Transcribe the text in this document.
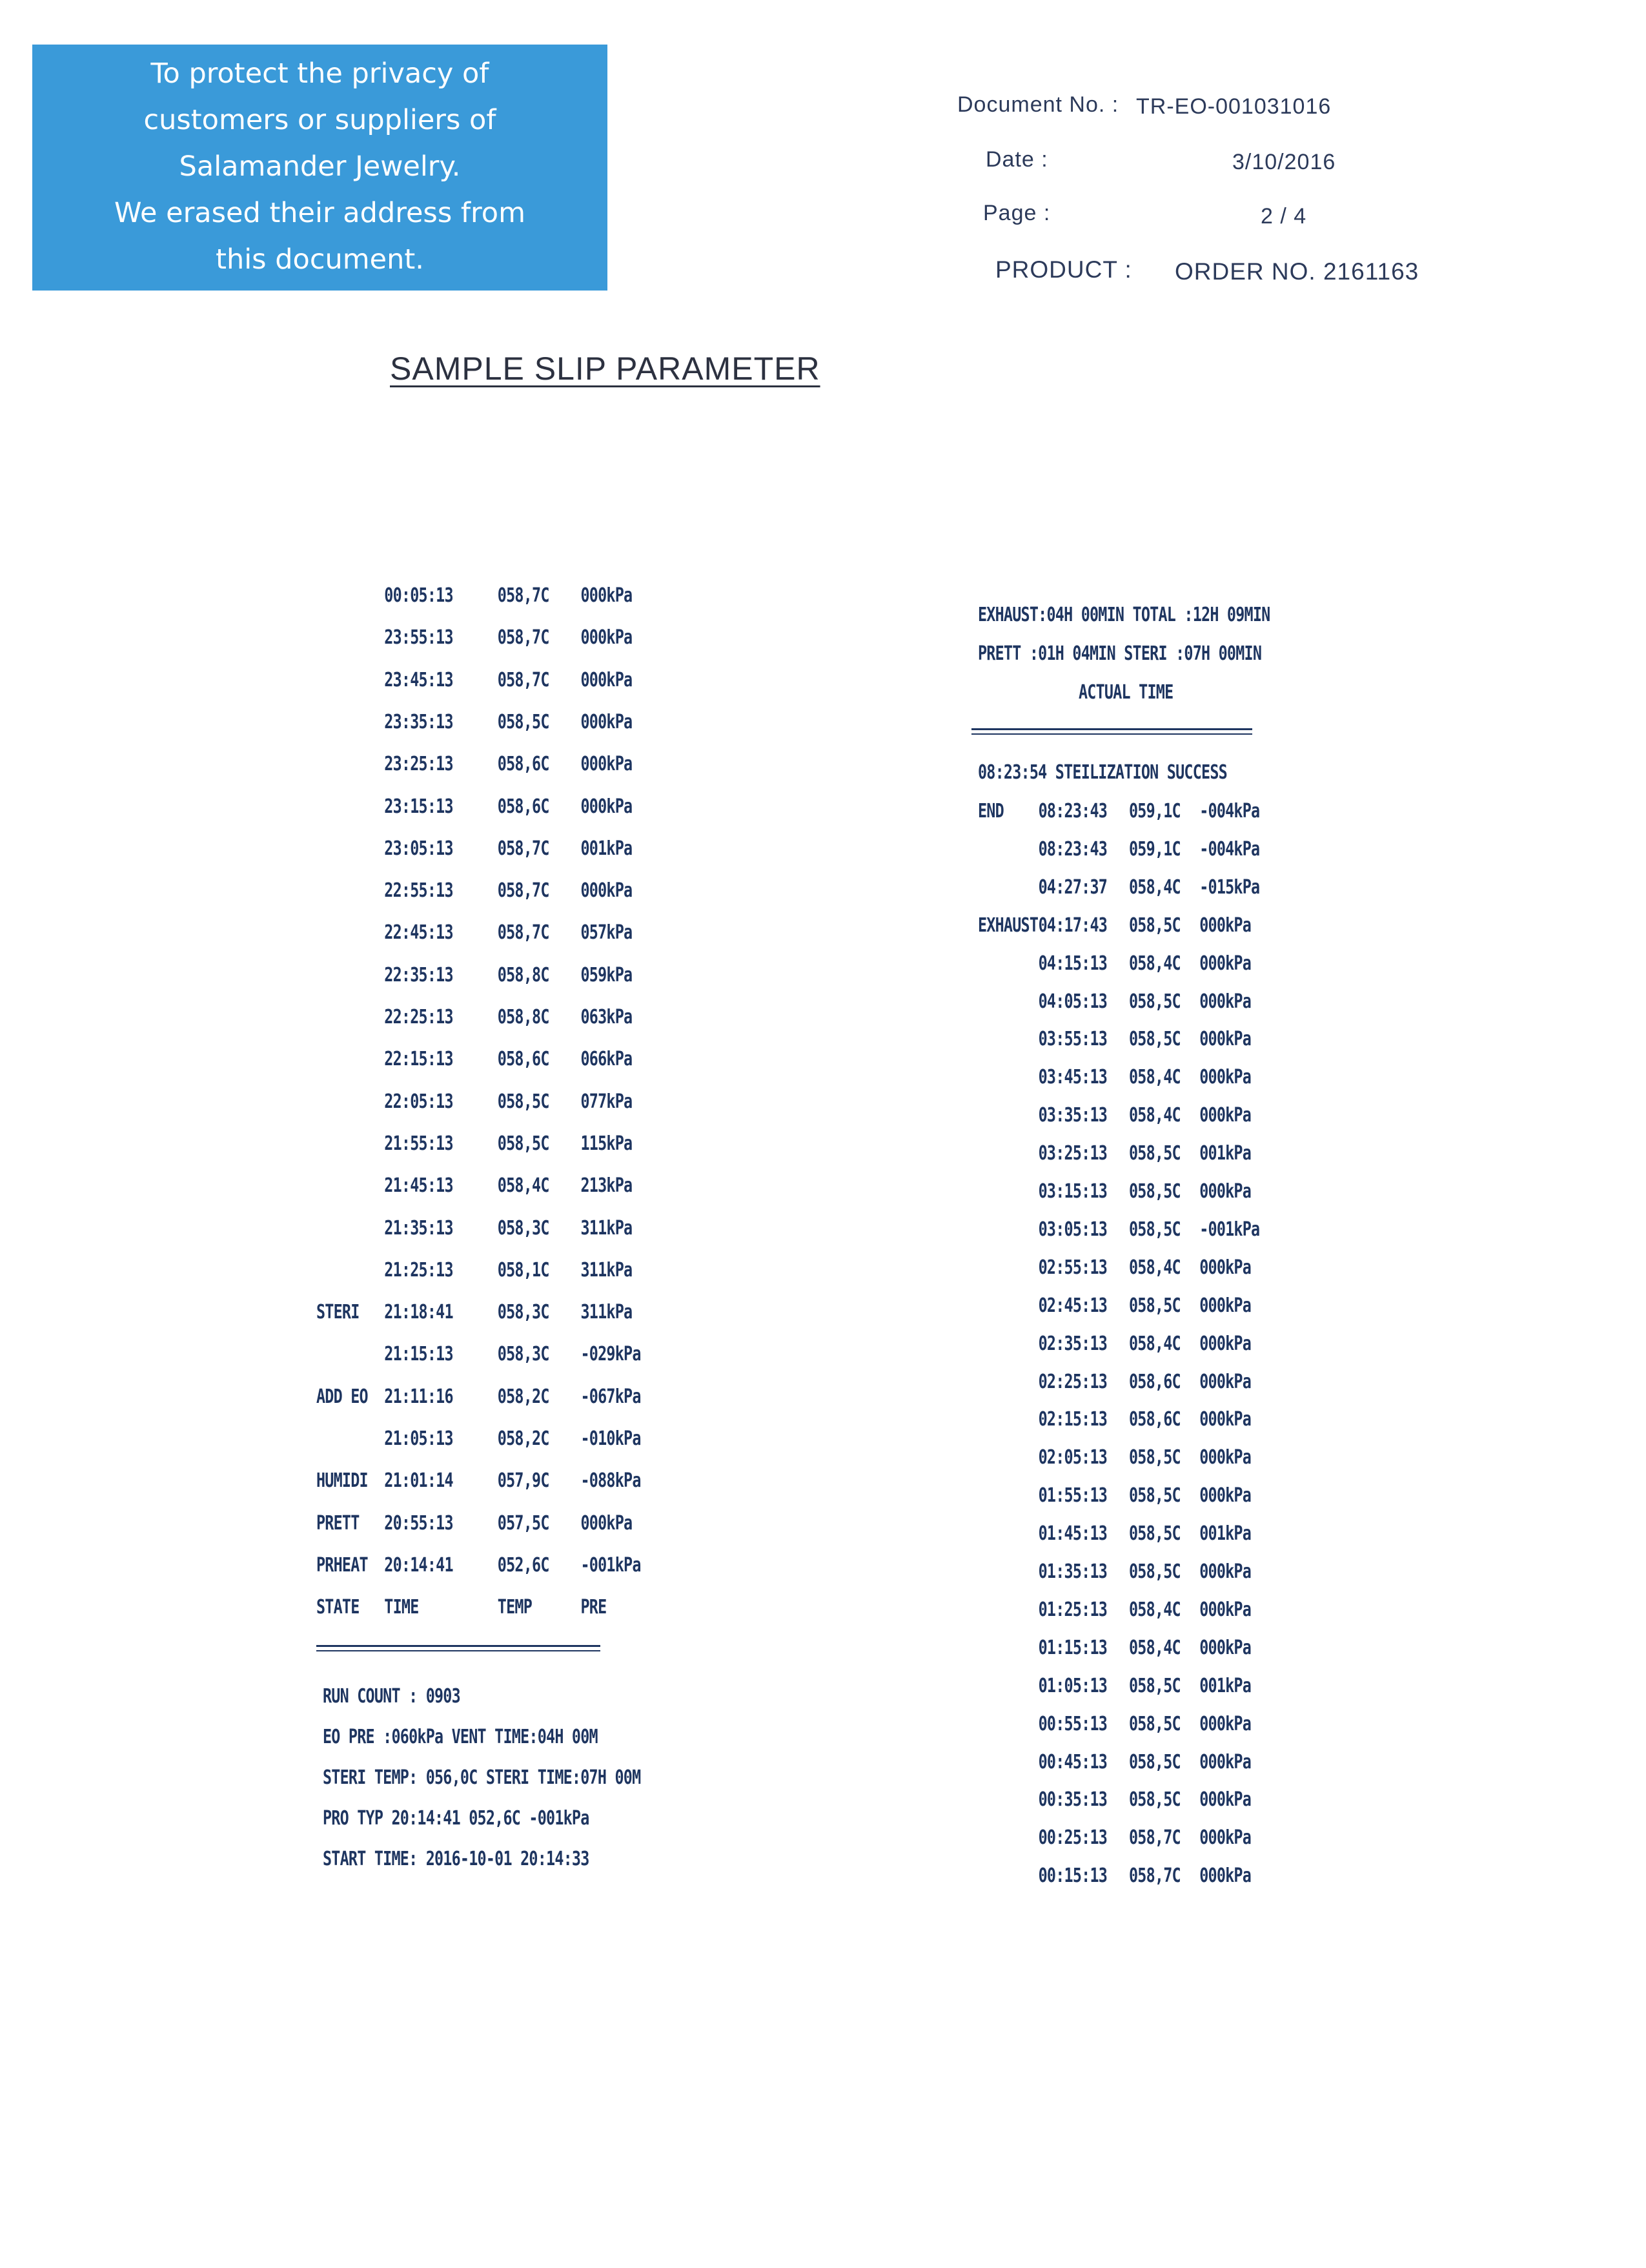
To protect the privacy of
customers or suppliers of
Salamander Jewelry.
We erased their address from
this document.
Document No. : TR-EO-001031016
Date :	3/10/2016
Page :	2 / 4
PRODUCT : ORDER NO. 2161163
SAMPLE SLIP PARAMETER
00:05:13 058,7C 000kPa
23:55:13 058,7C 000kPa
23:45:13 058,7C 000kPa
23:35:13 058,5C 000kPa
23:25:13 058,6C 000kPa
23:15:13 058,6C 000kPa
23:05:13 058,7C 001kPa
22:55:13 058,7C 000kPa
22:45:13 058,7C 057kPa
22:35:13 058,8C 059kPa
22:25:13 058,8C 063kPa
22:15:13 058,6C 066kPa
22:05:13 058,5C 077kPa
21:55:13 058,5C 115kPa
21:45:13 058,4C 213kPa
21:35:13 058,3C 311kPa
21:25:13 058,1C 311kPa
STERI 21:18:41 058,3C 311kPa
21:15:13 058,3C -029kPa
ADD EO 21:11:16 058,2C -067kPa
21:05:13 058,2C -010kPa
HUMIDI 21:01:14 057,9C -088kPa
PRETT 20:55:13 057,5C 000kPa
PRHEAT 20:14:41 052,6C -001kPa
STATE TIME	TEMP	PRE
RUN COUNT : 0903
EO PRE :060kPa VENT TIME:04H 00M
STERI TEMP: 056,0C STERI TIME:07H 00M
PRO TYP 20:14:41 052,6C -001kPa
START TIME: 2016-10-01 20:14:33
EXHAUST:04H 00MIN TOTAL :12H 09MIN
PRETT :01H 04MIN STERI :07H 00MIN
ACTUAL TIME
08:23:54 STEILIZATION SUCCESS
END 08:23:43 059,1C -004kPa
08:23:43 059,1C -004kPa
04:27:37 058,4C -015kPa
EXHAUST 04:17:43 058,5C 000kPa
04:15:13 058,4C 000kPa
04:05:13 058,5C 000kPa
03:55:13 058,5C 000kPa
03:45:13 058,4C 000kPa
03:35:13 058,4C 000kPa
03:25:13 058,5C 001kPa
03:15:13 058,5C 000kPa
03:05:13 058,5C -001kPa
02:55:13 058,4C 000kPa
02:45:13 058,5C 000kPa
02:35:13 058,4C 000kPa
02:25:13 058,6C 000kPa
02:15:13 058,6C 000kPa
02:05:13 058,5C 000kPa
01:55:13 058,5C 000kPa
01:45:13 058,5C 001kPa
01:35:13 058,5C 000kPa
01:25:13 058,4C 000kPa
01:15:13 058,4C 000kPa
01:05:13 058,5C 001kPa
00:55:13 058,5C 000kPa
00:45:13 058,5C 000kPa
00:35:13 058,5C 000kPa
00:25:13 058,7C 000kPa
00:15:13 058,7C 000kPa
